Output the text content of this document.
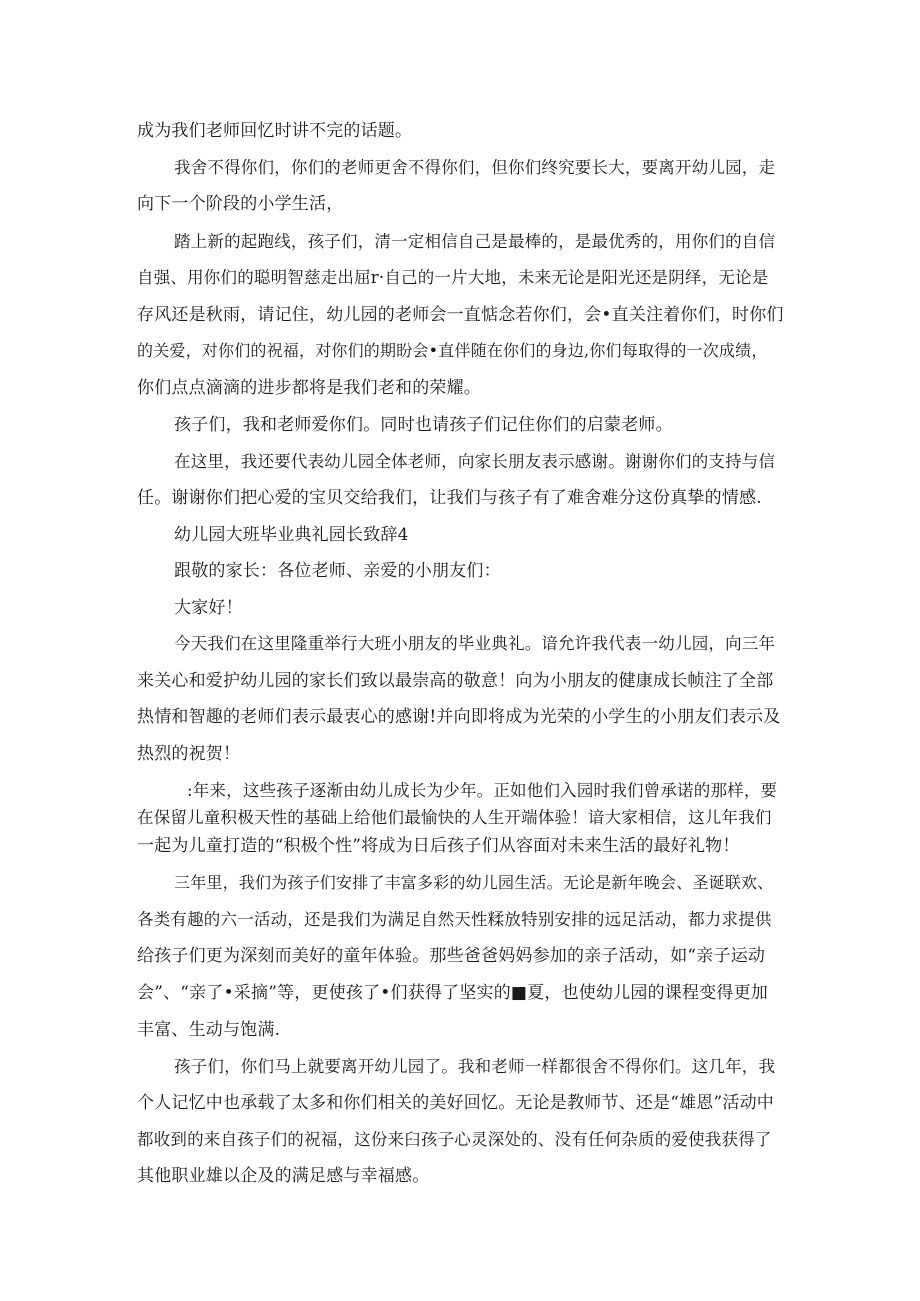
成为我们老师回忆时讲不完的话题。
我舍不得你们，你们的老师更舍不得你们，但你们终究要长大，要离开幼儿园，走
向下一个阶段的小学生活，
踏上新的起跑线，孩子们，清一定相信自己是最棒的，是最优秀的，用你们的自信
自强、用你们的聪明智慈走出屈r·自己的一片大地，未来无论是阳光还是阴绎，无论是
存风还是秋雨，请记住，幼儿园的老师会一直惦念若你们，会•直关注着你们，时你们
的关爱，对你们的祝福，对你们的期盼会•直伴随在你们的身边,你们每取得的一次成绩，
你们点点滴滴的进步都将是我们老和的荣耀。
孩子们，我和老师爱你们。同时也请孩子们记住你们的启蒙老师。
在这里，我还要代表幼儿园全体老师，向家长朋友表示感谢。谢谢你们的支持与信
任。谢谢你们把心爱的宝贝交给我们，让我们与孩子有了难舍难分这份真挚的情感.
幼儿园大班毕业典礼园长致辞4
跟敬的家长：各位老师、亲爱的小朋友们：
大家好！
今天我们在这里隆重举行大班小朋友的毕业典礼。谙允许我代表一幼儿园，向三年
来关心和爱护幼儿园的家长们致以最崇高的敬意！向为小朋友的健康成长帧注了全部
热情和智趣的老师们表示最衷心的感谢!并向即将成为光荣的小学生的小朋友们表示及
热烈的祝贺！
:年来，这些孩子逐渐由幼儿成长为少年。正如他们入园时我们曾承诺的那样，要
在保留儿童积极天性的基础上给他们最愉快的人生开端体验！谙大家相信，这儿年我们
一起为儿童打造的“积极个性”将成为日后孩子们从容面对未来生活的最好礼物！
三年里，我们为孩子们安排了丰富多彩的幼儿园生活。无论是新年晚会、圣诞联欢、
各类有趣的六一活动，还是我们为满足自然天性糅放特别安排的远足活动，都力求提供
给孩子们更为深刻而美好的童年体验。那些爸爸妈妈参加的亲子活动，如“亲子运动
会”、“亲了•采摘”等，更使孩了•们获得了坚实的■夏，也使幼儿园的课程变得更加
丰富、生动与饱满.
孩子们，你们马上就要离开幼儿园了。我和老师一样都很舍不得你们。这几年，我
个人记忆中也承载了太多和你们相关的美好回忆。无论是教师节、还是“雄恩”活动中
都收到的来自孩子们的祝福，这份来臼孩子心灵深处的、没有任何杂质的爱使我获得了
其他职业雄以企及的满足感与幸福感。
